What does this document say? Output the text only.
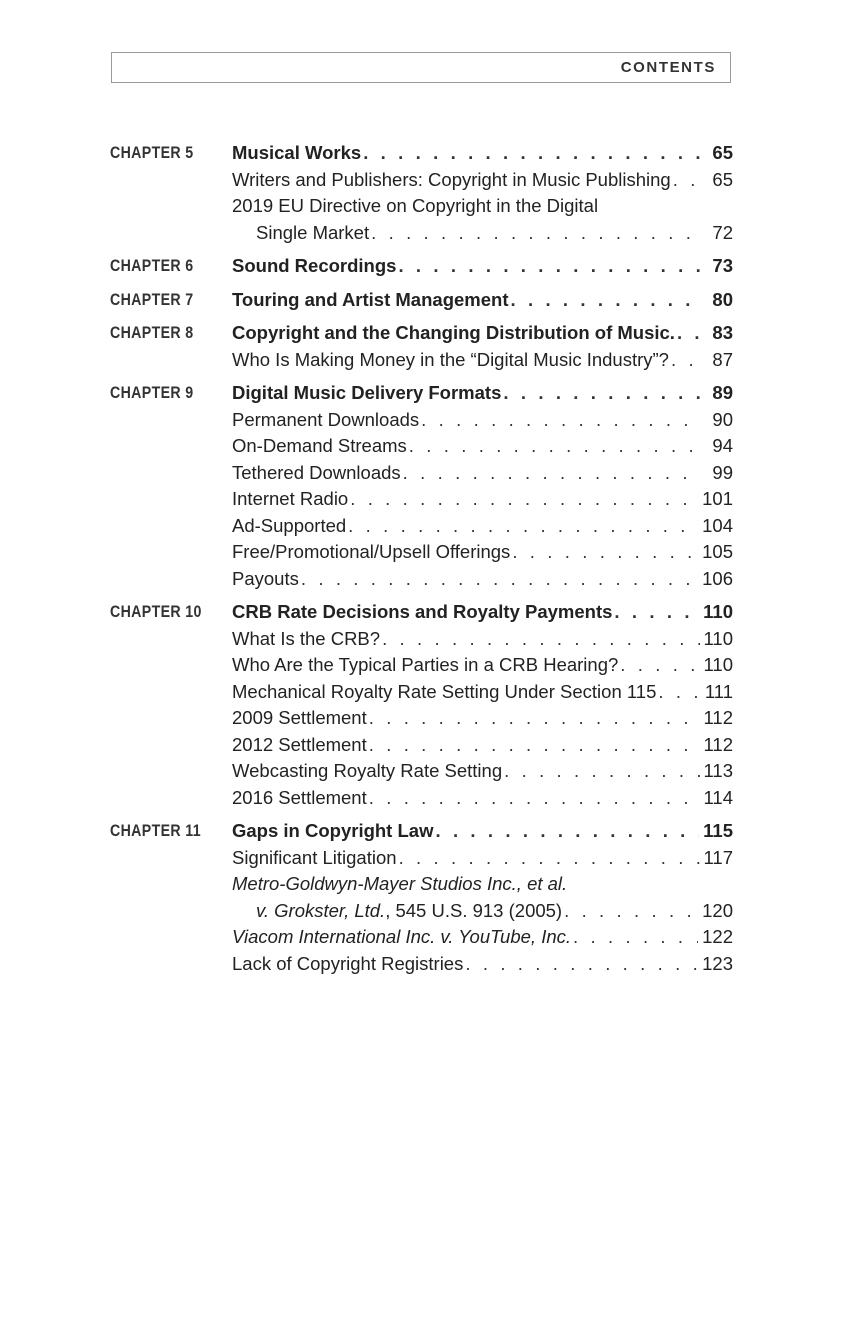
CONTENTS
CHAPTER 5 Musical Works . . .	65
Writers and Publishers: Copyright in Music Publishing . . .	65
2019 EU Directive on Copyright in the Digital
Single Market . . .	72
CHAPTER 6 Sound Recordings . . .	73
CHAPTER 7 Touring and Artist Management . . .	80
CHAPTER 8 Copyright and the Changing Distribution of Music. . . .	83
Who Is Making Money in the “Digital Music Industry”? . . .	87
CHAPTER 9 Digital Music Delivery Formats . . .	89
Permanent Downloads . . .	90
On-Demand Streams . . .	94
Tethered Downloads . . .	99
Internet Radio . . .	101
Ad-Supported . . .	104
Free/Promotional/Upsell Offerings . . .	105
Payouts . . .	106
CHAPTER 10 CRB Rate Decisions and Royalty Payments . . .	110
What Is the CRB? . . .	110
Who Are the Typical Parties in a CRB Hearing? . . .	110
Mechanical Royalty Rate Setting Under Section 115 . . .	111
2009 Settlement . . .	112
2012 Settlement . . .	112
Webcasting Royalty Rate Setting . . .	113
2016 Settlement . . .	114
CHAPTER 11 Gaps in Copyright Law . . .	115
Significant Litigation . . .	117
Metro-Goldwyn-Mayer Studios Inc., et al.
v. Grokster, Ltd., 545 U.S. 913 (2005) . . .	120
Viacom International Inc. v. YouTube, Inc. . . .	122
Lack of Copyright Registries . . .	123
